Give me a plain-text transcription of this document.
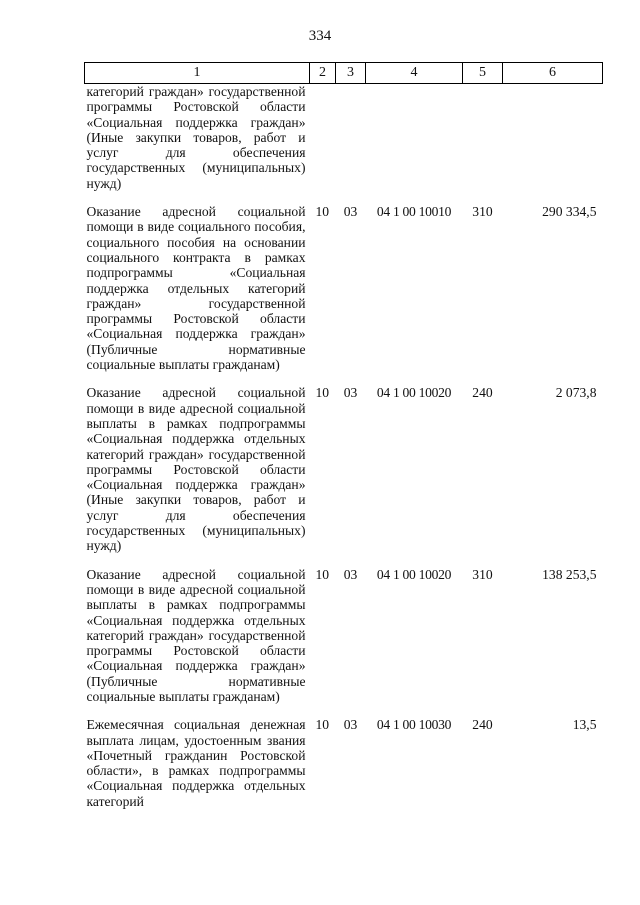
334
1	2	3	4	5	6
категорий граждан» государственной программы Ростовской области «Социальная поддержка граждан» (Иные закупки товаров, работ и услуг для обеспечения государственных (муниципальных) нужд)					
Оказание адресной социальной помощи в виде социального пособия, социального пособия на основании социального контракта в рамках подпрограммы «Социальная поддержка отдельных категорий граждан» государственной программы Ростовской области «Социальная поддержка граждан» (Публичные нормативные социальные выплаты гражданам)	10	03	04 1 00 10010	310	290 334,5
Оказание адресной социальной помощи в виде адресной социальной выплаты в рамках подпрограммы «Социальная поддержка отдельных категорий граждан» государственной программы Ростовской области «Социальная поддержка граждан» (Иные закупки товаров, работ и услуг для обеспечения государственных (муниципальных) нужд)	10	03	04 1 00 10020	240	2 073,8
Оказание адресной социальной помощи в виде адресной социальной выплаты в рамках подпрограммы «Социальная поддержка отдельных категорий граждан» государственной программы Ростовской области «Социальная поддержка граждан» (Публичные нормативные социальные выплаты гражданам)	10	03	04 1 00 10020	310	138 253,5
Ежемесячная социальная денежная выплата лицам, удостоенным звания «Почетный гражданин Ростовской области», в рамках подпрограммы «Социальная поддержка отдельных категорий	10	03	04 1 00 10030	240	13,5
